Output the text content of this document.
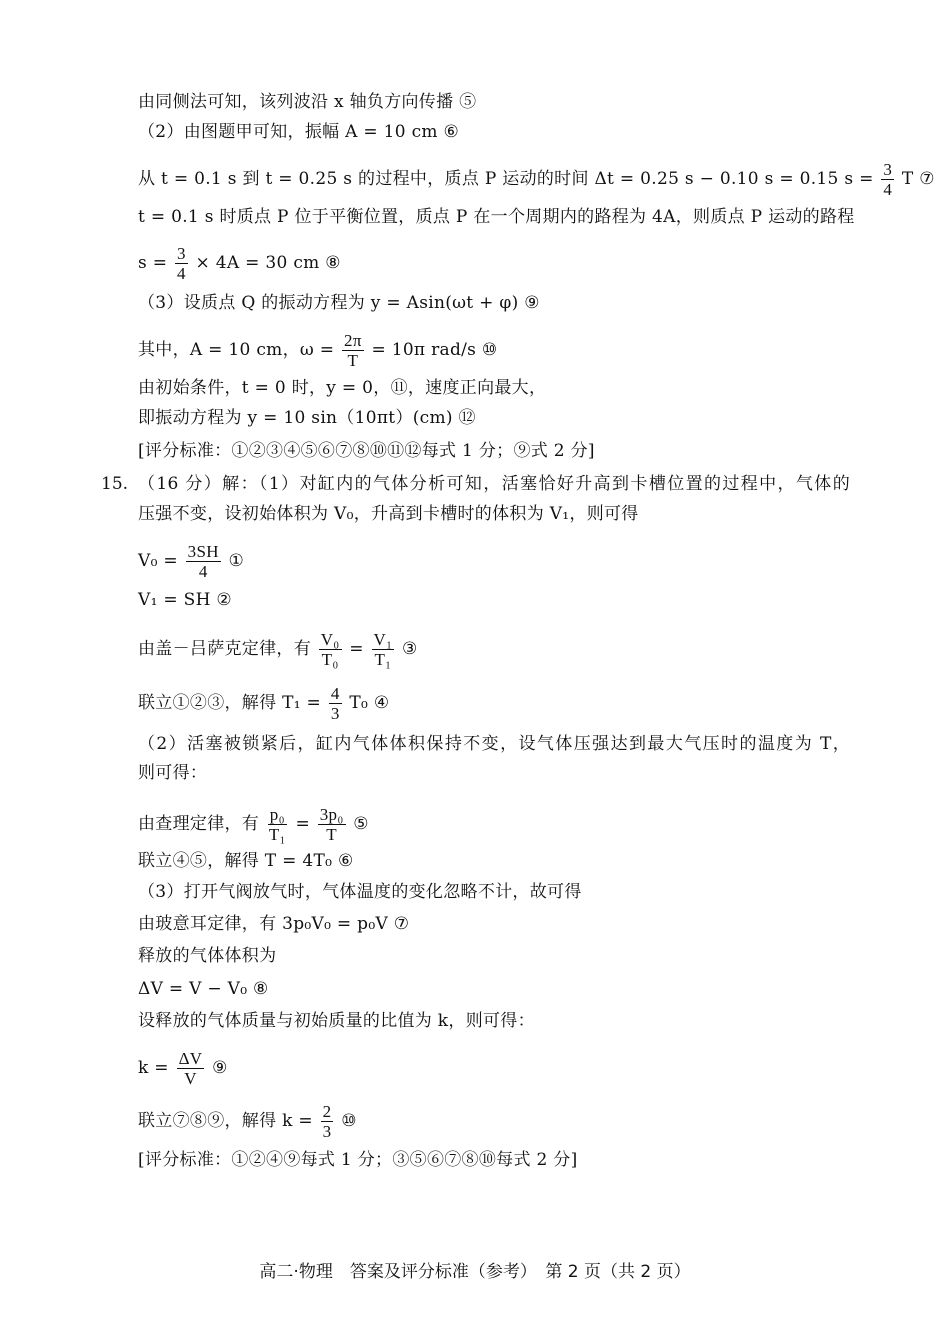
由同侧法可知，该列波沿 x 轴负方向传播 ⑤
（2）由图题甲可知，振幅 A = 10 cm ⑥
从 t = 0.1 s 到 t = 0.25 s 的过程中，质点 P 运动的时间 Δt = 0.25 s − 0.10 s = 0.15 $s = \frac{3}{4}$ T ⑦
t = 0.1 s 时质点 P 位于平衡位置，质点 P 在一个周期内的路程为 4A，则质点 P 运动的路程
$s = \frac{3}{4} \times 4A = 30$ cm ⑧
（3）设质点 Q 的振动方程为 y = Asin(ωt + φ) ⑨
其中，A = 10 cm，$\omega = \frac{2\pi}{T} = 10\pi$ rad/s ⑩
由初始条件，t = 0 时，y = 0，⑪，速度正向最大，
即振动方程为 y = 10 sin（10πt）(cm) ⑫
[评分标准：①②③④⑤⑥⑦⑧⑩⑪⑫每式 1 分；⑨式 2 分]
15. （16 分）解：（1）对缸内的气体分析可知，活塞恰好升高到卡槽位置的过程中，气体的
压强不变，设初始体积为 V₀，升高到卡槽时的体积为 V₁，则可得
$V_0 = \frac{3SH}{4}$ ①
V₁ = SH ②
由盖－吕萨克定律，有 $\frac{\text{V₀}}{\text{T₀}} = \frac{\text{V₁}}{\text{T₁}}$ ③
联立①②③，解得 $T_1 = \frac{4}{3} T_0$ ④
（2）活塞被锁紧后，缸内气体体积保持不变，设气体压强达到最大气压时的温度为 T，
则可得：
由查理定律，有 $\frac{\text{p₀}}{\text{T₁}} = \frac{\text{3p₀}}{T}$ ⑤
联立④⑤，解得 T = 4T₀ ⑥
（3）打开气阀放气时，气体温度的变化忽略不计，故可得
由玻意耳定律，有 3p₀V₀ = p₀V ⑦
释放的气体体积为
ΔV = V − V₀ ⑧
设释放的气体质量与初始质量的比值为 k，则可得：
$k = \frac{\Delta V}{V}$ ⑨
联立⑦⑧⑨，解得 $k = \frac{2}{3}$ ⑩
[评分标准：①②④⑨每式 1 分；③⑤⑥⑦⑧⑩每式 2 分]
高二·物理　答案及评分标准（参考）　第 2 页（共 2 页）
